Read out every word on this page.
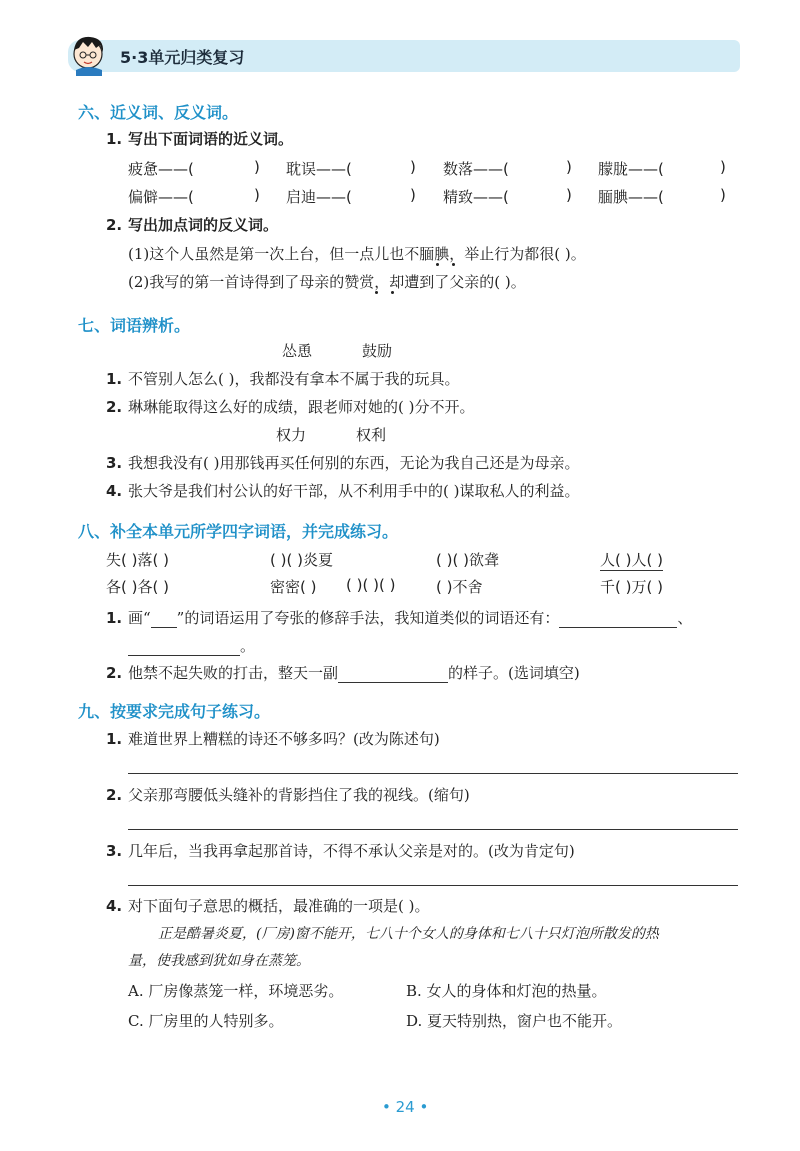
5·3单元归类复习
六、近义词、反义词。
1. 写出下面词语的近义词。
疲惫——(	) 耽误——(	) 数落——(	) 朦胧——(	)
偏僻——(	) 启迪——(	) 精致——(	) 腼腆——(	)
2. 写出加点词的反义词。
(1)这个人虽然是第一次上台，但一点儿也不腼腆，举止行为都很( )。
(2)我写的第一首诗得到了母亲的赞赏，却遭到了父亲的( )。
七、词语辨析。
怂恿	鼓励
1. 不管别人怎么( )，我都没有拿本不属于我的玩具。
2. 琳琳能取得这么好的成绩，跟老师对她的( )分不开。
权力	权利
3. 我想我没有( )用那钱再买任何别的东西，无论为我自己还是为母亲。
4. 张大爷是我们村公认的好干部，从不利用手中的( )谋取私人的利益。
八、补全本单元所学四字词语，并完成练习。
失( )落( )	( )( )炎夏	( )( )欲聋	人( )人( )
各( )各( )	密密( ) ( )( )( )	( )不舍	千( )万( )
1. 画“ ”的词语运用了夸张的修辞手法，我知道类似的词语还有：	、
。
2. 他禁不起失败的打击，整天一副	的样子。(选词填空)
九、按要求完成句子练习。
1. 难道世界上糟糕的诗还不够多吗？(改为陈述句)
2. 父亲那弯腰低头缝补的背影挡住了我的视线。(缩句)
3. 几年后，当我再拿起那首诗，不得不承认父亲是对的。(改为肯定句)
4. 对下面句子意思的概括，最准确的一项是( )。
正是酷暑炎夏，(厂房)窗不能开，七八十个女人的身体和七八十只灯泡所散发的热
量，使我感到犹如身在蒸笼。
A. 厂房像蒸笼一样，环境恶劣。	B. 女人的身体和灯泡的热量。
C. 厂房里的人特别多。	D. 夏天特别热，窗户也不能开。
• 24 •
